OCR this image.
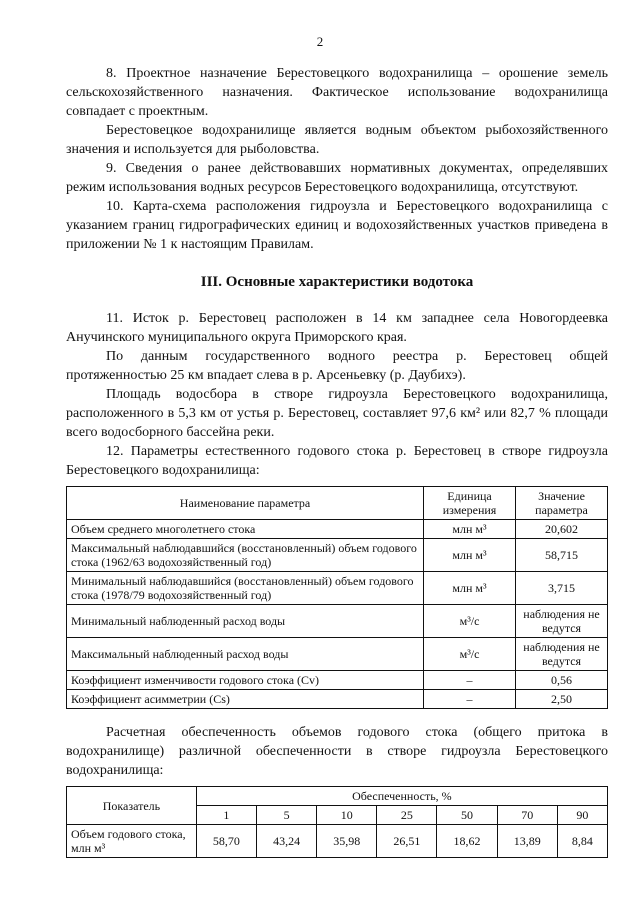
2

8. Проектное назначение Берестовецкого водохранилища – орошение земель сельскохозяйственного назначения. Фактическое использование водохранилища совпадает с проектным.

Берестовецкое водохранилище является водным объектом рыбохозяйственного значения и используется для рыболовства.

9. Сведения о ранее действовавших нормативных документах, определявших режим использования водных ресурсов Берестовецкого водохранилища, отсутствуют.

10. Карта-схема расположения гидроузла и Берестовецкого водохранилища с указанием границ гидрографических единиц и водохозяйственных участков приведена в приложении № 1 к настоящим Правилам.

III. Основные характеристики водотока

11. Исток р. Берестовец расположен в 14 км западнее села Новогордеевка Анучинского муниципального округа Приморского края.

По данным государственного водного реестра р. Берестовец общей протяженностью 25 км впадает слева в р. Арсеньевку (р. Даубихэ).

Площадь водосбора в створе гидроузла Берестовецкого водохранилища, расположенного в 5,3 км от устья р. Берестовец, составляет 97,6 км² или 82,7 % площади всего водосборного бассейна реки.

12. Параметры естественного годового стока р. Берестовец в створе гидроузла Берестовецкого водохранилища:

Наименование параметра	Единица измерения	Значение параметра
Объем среднего многолетнего стока	млн м³	20,602
Максимальный наблюдавшийся (восстановленный) объем годового стока (1962/63 водохозяйственный год)	млн м³	58,715
Минимальный наблюдавшийся (восстановленный) объем годового стока (1978/79 водохозяйственный год)	млн м³	3,715
Минимальный наблюденный расход воды	м³/с	наблюдения не ведутся
Максимальный наблюденный расход воды	м³/с	наблюдения не ведутся
Коэффициент изменчивости годового стока (Cv)	–	0,56
Коэффициент асимметрии (Cs)	–	2,50

Расчетная обеспеченность объемов годового стока (общего притока в водохранилище) различной обеспеченности в створе гидроузла Берестовецкого водохранилища:

Показатель	Обеспеченность, %						
	1	5	10	25	50	70	90
Объем годового стока, млн м³	58,70	43,24	35,98	26,51	18,62	13,89	8,84
